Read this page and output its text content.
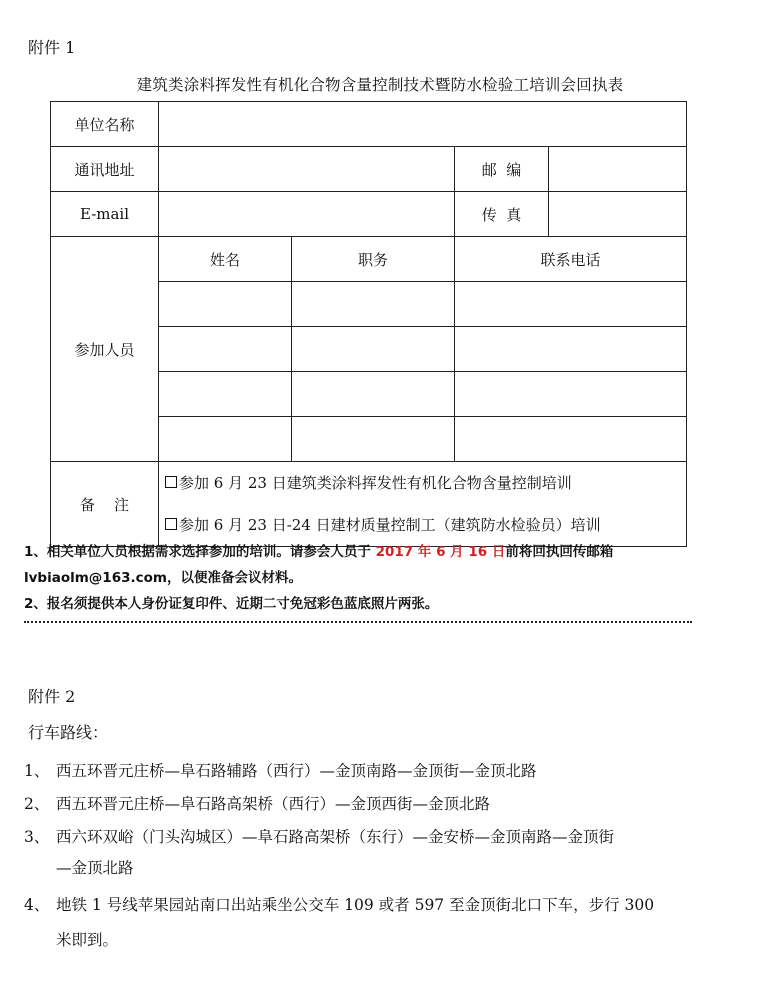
附件 1
建筑类涂料挥发性有机化合物含量控制技术暨防水检验工培训会回执表
单位名称				
通讯地址			邮  编	
E-mail			传  真	
参加人员	姓名	职务	联系电话	

备    注	参加 6 月 23 日建筑类涂料挥发性有机化合物含量控制培训
参加 6 月 23 日-24 日建材质量控制工（建筑防水检验员）培训			
1、相关单位人员根据需求选择参加的培训。请参会人员于 2017 年 6 月 16 日前将回执回传邮箱
lvbiaolm@163.com，以便准备会议材料。
2、报名须提供本人身份证复印件、近期二寸免冠彩色蓝底照片两张。
附件 2
行车路线：
1、 西五环晋元庄桥—阜石路辅路（西行）—金顶南路—金顶街—金顶北路
2、 西五环晋元庄桥—阜石路高架桥（西行）—金顶西街—金顶北路
3、 西六环双峪（门头沟城区）—阜石路高架桥（东行）—金安桥—金顶南路—金顶街
—金顶北路
4、 地铁 1 号线苹果园站南口出站乘坐公交车 109 或者 597 至金顶街北口下车，步行 300
米即到。
